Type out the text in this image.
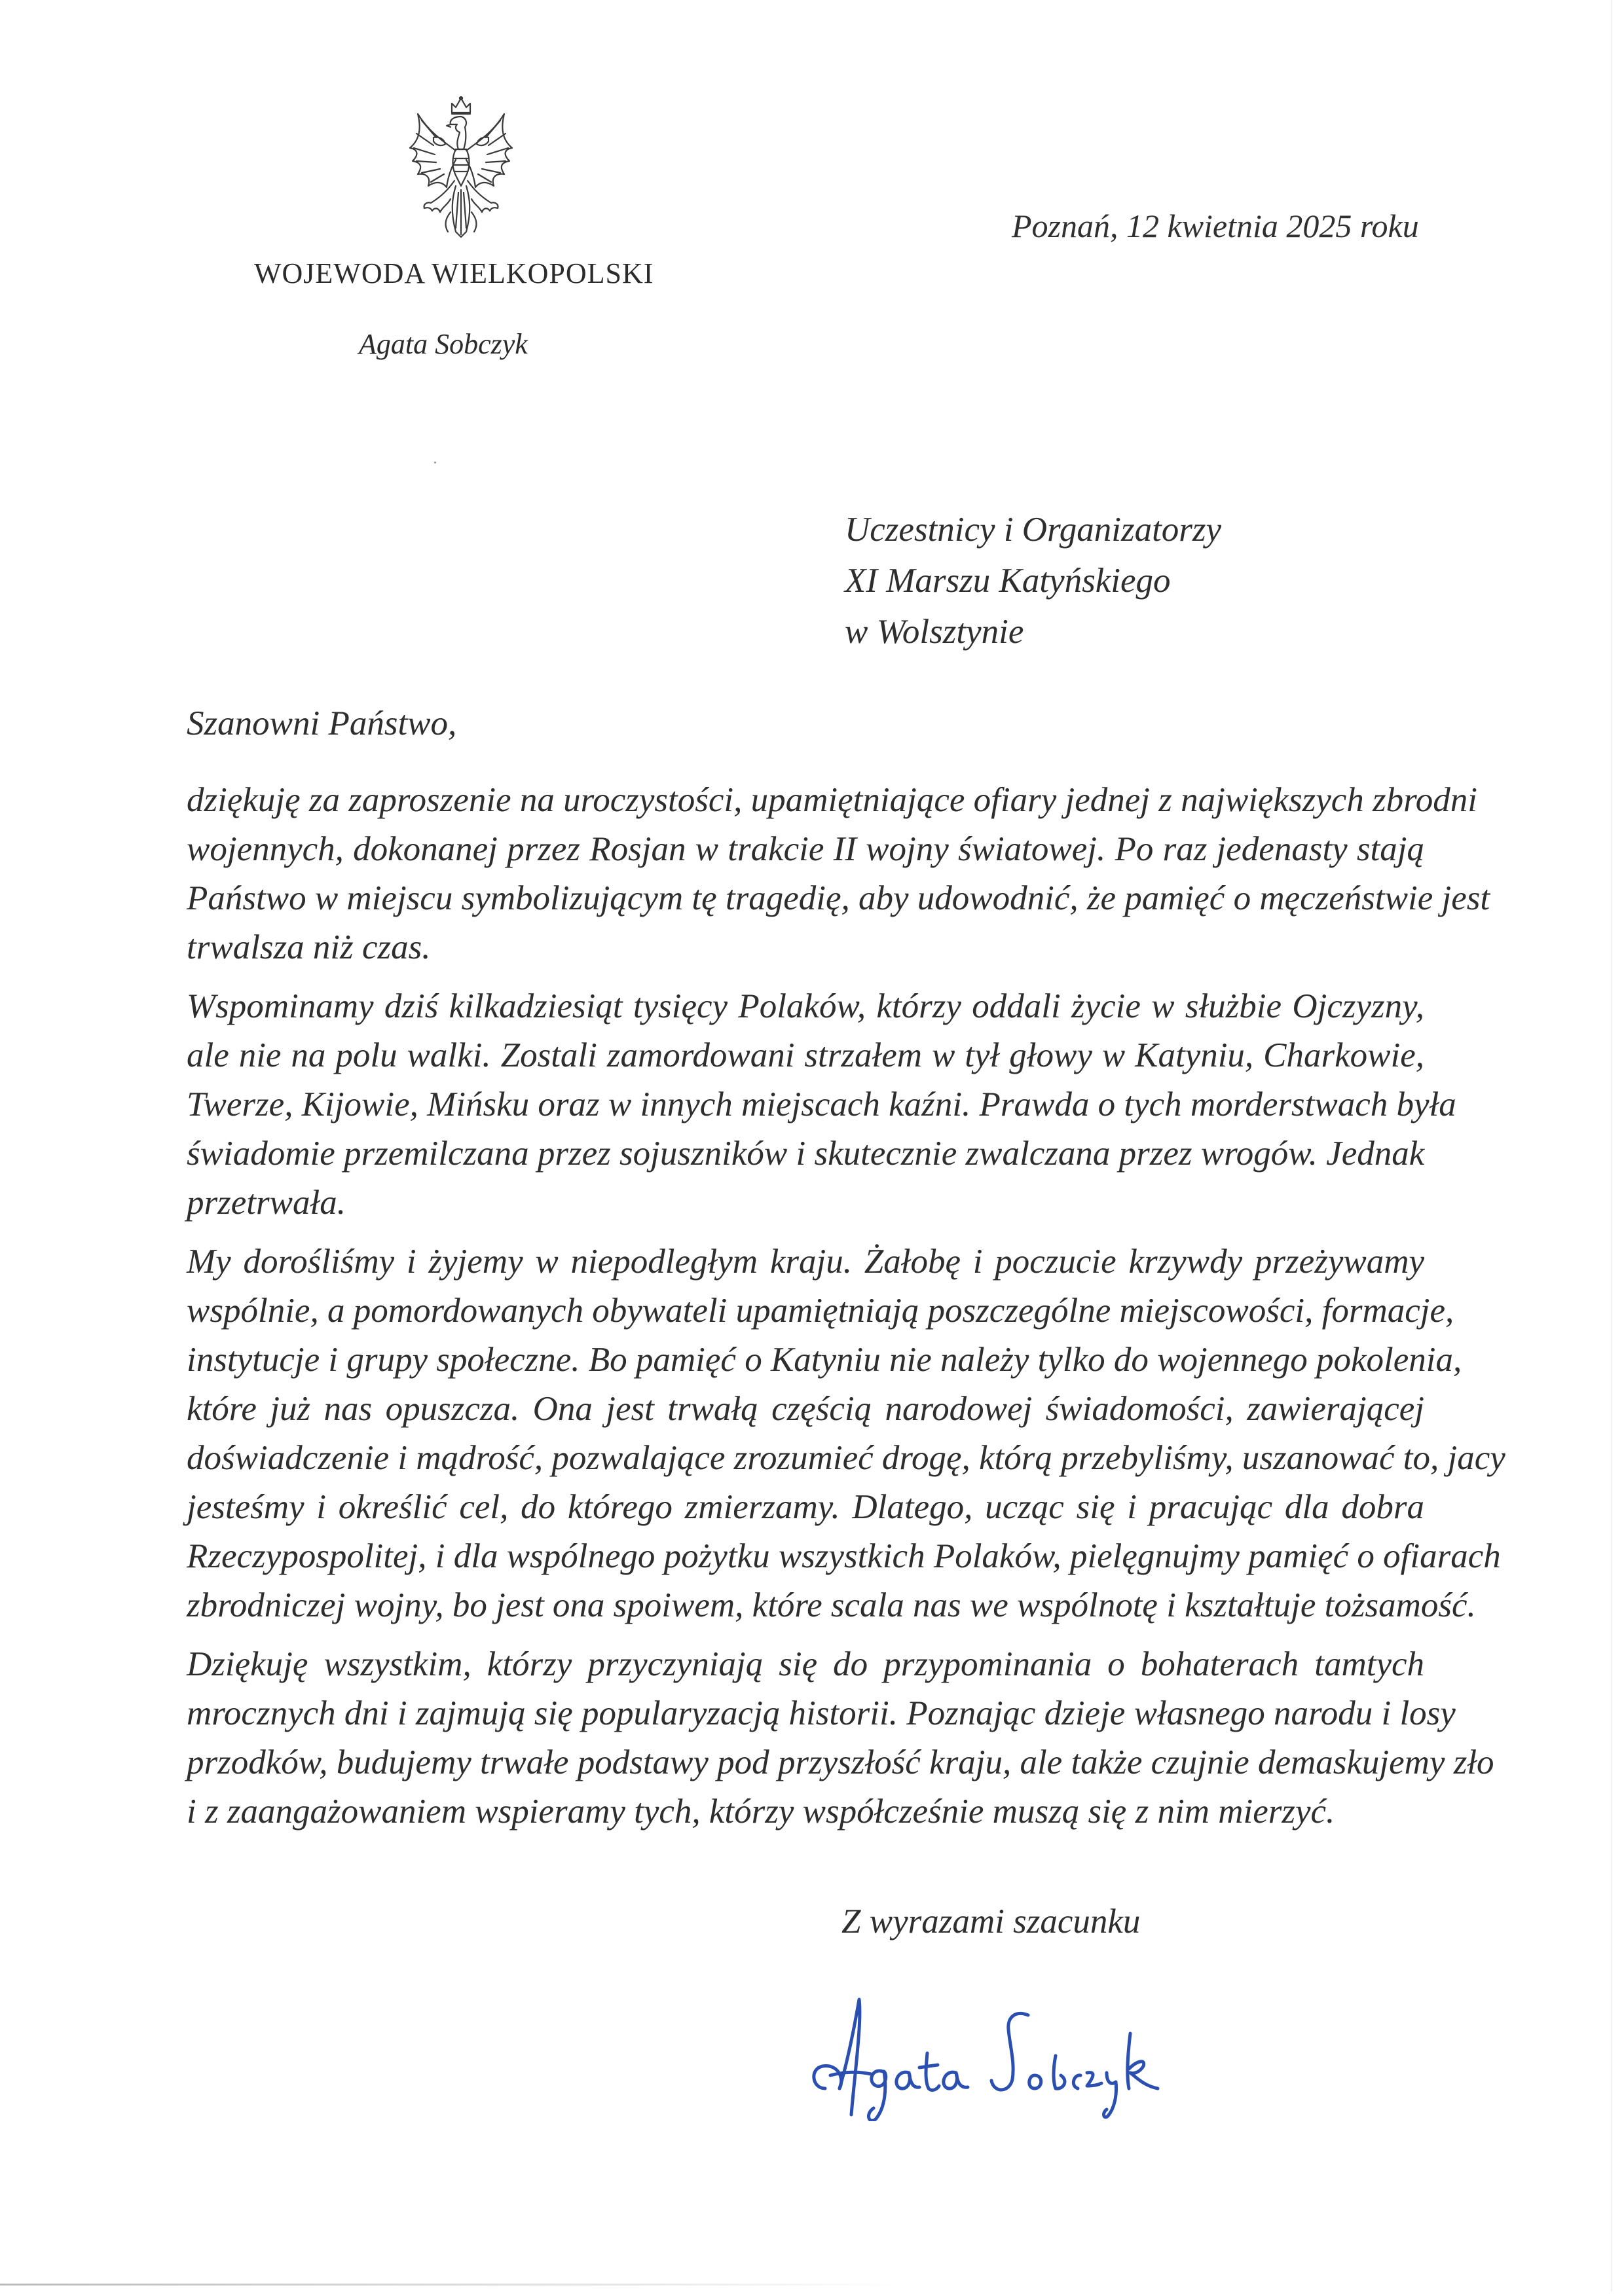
WOJEWODA WIELKOPOLSKI
Agata Sobczyk
Poznań, 12 kwietnia 2025 roku
Uczestnicy i Organizatorzy
XI Marszu Katyńskiego
w Wolsztynie
Szanowni Państwo,

dziękuję za zaproszenie na uroczystości, upamiętniające ofiary jednej z największych zbrodni
wojennych, dokonanej przez Rosjan w trakcie II wojny światowej. Po raz jedenasty stają
Państwo w miejscu symbolizującym tę tragedię, aby udowodnić, że pamięć o męczeństwie jest
trwalsza niż czas.

Wspominamy dziś kilkadziesiąt tysięcy Polaków, którzy oddali życie w służbie Ojczyzny,
ale nie na polu walki. Zostali zamordowani strzałem w tył głowy w Katyniu, Charkowie,
Twerze, Kijowie, Mińsku oraz w innych miejscach kaźni. Prawda o tych morderstwach była
świadomie przemilczana przez sojuszników i skutecznie zwalczana przez wrogów. Jednak
przetrwała.

My dorośliśmy i żyjemy w niepodległym kraju. Żałobę i poczucie krzywdy przeżywamy
wspólnie, a pomordowanych obywateli upamiętniają poszczególne miejscowości, formacje,
instytucje i grupy społeczne. Bo pamięć o Katyniu nie należy tylko do wojennego pokolenia,
które już nas opuszcza. Ona jest trwałą częścią narodowej świadomości, zawierającej
doświadczenie i mądrość, pozwalające zrozumieć drogę, którą przebyliśmy, uszanować to, jacy
jesteśmy i określić cel, do którego zmierzamy. Dlatego, ucząc się i pracując dla dobra
Rzeczypospolitej, i dla wspólnego pożytku wszystkich Polaków, pielęgnujmy pamięć o ofiarach
zbrodniczej wojny, bo jest ona spoiwem, które scala nas we wspólnotę i kształtuje tożsamość.

Dziękuję wszystkim, którzy przyczyniają się do przypominania o bohaterach tamtych
mrocznych dni i zajmują się popularyzacją historii. Poznając dzieje własnego narodu i losy
przodków, budujemy trwałe podstawy pod przyszłość kraju, ale także czujnie demaskujemy zło
i z zaangażowaniem wspieramy tych, którzy współcześnie muszą się z nim mierzyć.

Z wyrazami szacunku
